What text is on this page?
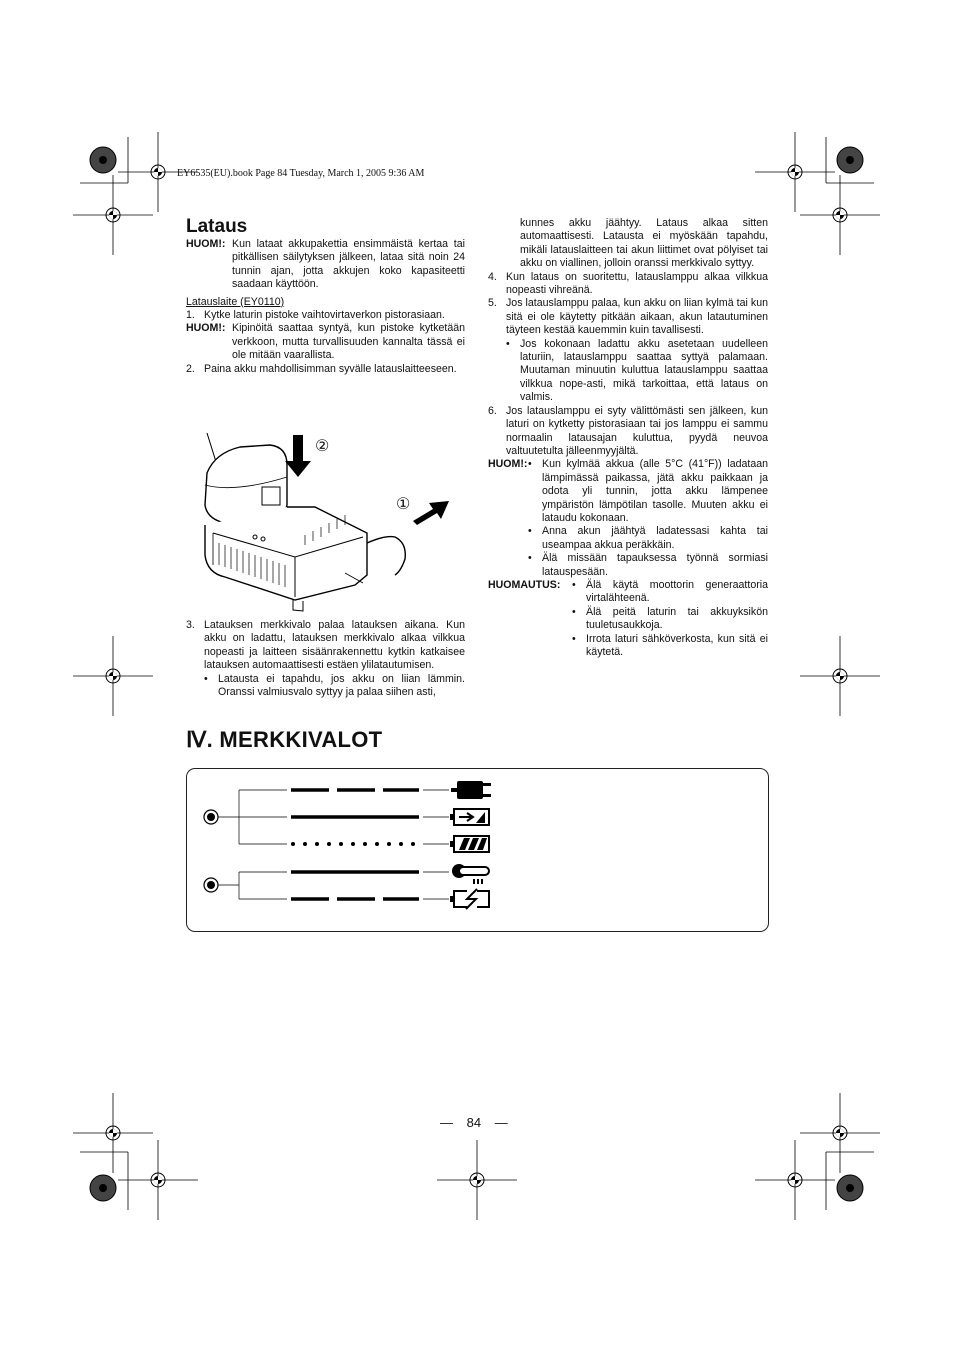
EY6535(EU).book Page 84 Tuesday, March 1, 2005 9:36 AM
Lataus
HUOM!: Kun lataat akkupakettia ensimmäistä kertaa tai pitkällisen säilytyksen jälkeen, lataa sitä noin 24 tunnin ajan, jotta akkujen koko kapasiteetti saadaan käyttöön.

Latauslaite (EY0110)

1. Kytke laturin pistoke vaihtovirtaverkon pistorasiaan.
HUOM!: Kipinöitä saattaa syntyä, kun pistoke kytketään verkkoon, mutta turvallisuuden kannalta tässä ei ole mitään vaarallista.
2. Paina akku mahdollisimman syvälle latauslaitteeseen.
②
①
3. Latauksen merkkivalo palaa latauksen aikana. Kun akku on ladattu, latauksen merkkivalo alkaa vilkkua nopeasti ja laitteen sisäänrakennettu kytkin katkaisee latauksen automaattisesti estäen ylilatautumisen.
• Latausta ei tapahdu, jos akku on liian lämmin. Oranssi valmiusvalo syttyy ja palaa siihen asti,

kunnes akku jäähtyy. Lataus alkaa sitten automaattisesti. Latausta ei myöskään tapahdu, mikäli latauslaitteen tai akun liittimet ovat pölyiset tai akku on viallinen, jolloin oranssi merkkivalo syttyy.

4. Kun lataus on suoritettu, latauslamppu alkaa vilkkua nopeasti vihreänä.
5. Jos latauslamppu palaa, kun akku on liian kylmä tai kun sitä ei ole käytetty pitkään aikaan, akun latautuminen täyteen kestää kauemmin kuin tavallisesti.
• Jos kokonaan ladattu akku asetetaan uudelleen laturiin, latauslamppu saattaa syttyä palamaan. Muutaman minuutin kuluttua latauslamppu saattaa vilkkua nope-asti, mikä tarkoittaa, että lataus on valmis.
6. Jos latauslamppu ei syty välittömästi sen jälkeen, kun laturi on kytketty pistorasiaan tai jos lamppu ei sammu normaalin latausajan kuluttua, pyydä neuvoa valtuutetulta jälleenmyyjältä.
HUOM!: • Kun kylmää akkua (alle 5°C (41°F)) ladataan lämpimässä paikassa, jätä akku paikkaan ja odota yli tunnin, jotta akku lämpenee ympäristön lämpötilan tasolle. Muuten akku ei lataudu kokonaan.
• Anna akun jäähtyä ladatessasi kahta tai useampaa akkua peräkkäin.
• Älä missään tapauksessa työnnä sormiasi latauspesään.
HUOMAUTUS:	• Älä käytä moottorin generaattoria virtalähteenä.
• Älä peitä laturin tai akkuyksikön tuuletusaukkoja.
• Irrota laturi sähköverkosta, kun sitä ei käytetä.
Ⅳ. MERKKIVALOT
— 84 —
